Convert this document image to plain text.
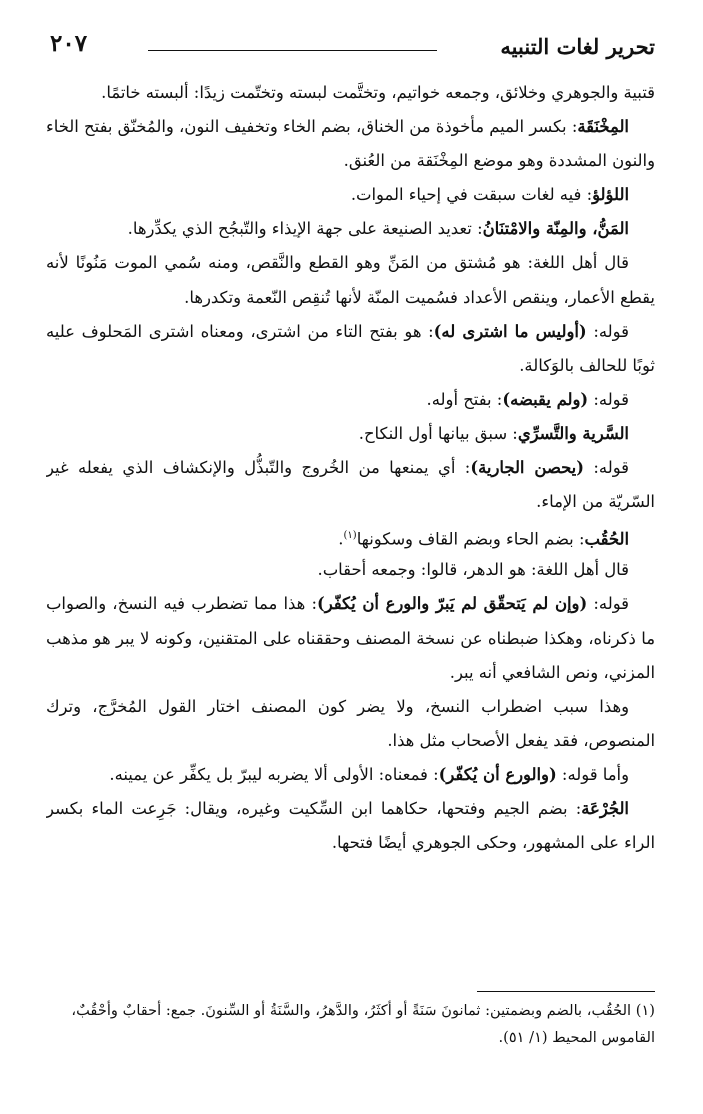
تحرير لغات التنبيه
٢٠٧
قتبية والجوهري وخلائق، وجمعه خواتيم، وتختَّمت لبسته وتختّمت زيدًا: ألبسته خاتمًا.
المِخْنَقَة: بكسر الميم مأخوذة من الخناق، بضم الخاء وتخفيف النون، والمُخنّق بفتح الخاء
والنون المشددة وهو موضع المِخْنَقة من العُنق.
اللؤلؤ: فيه لغات سبقت في إحياء الموات.
المَنُّ، والمِنّة والامْتنَانُ: تعديد الصنيعة على جهة الإيذاء والتّبجُح الذي يكدِّرها.
قال أهل اللغة: هو مُشتق من المَنِّ وهو القطع والنَّقص، ومنه سُمي الموت مَنُونًا لأنه
يقطع الأعمار، وينقص الأعداد فسُميت المنّة لأنها تُنقِص النّعمة وتكدرها.
قوله: (أوليس ما اشترى له): هو بفتح التاء من اشترى، ومعناه اشترى المَحلوف عليه
ثوبًا للحالف بالوَكالة.
قوله: (ولم يقبضه): بفتح أوله.
السَّرية والتَّسرِّي: سبق بيانها أول النكاح.
قوله: (يحصن الجارية): أي يمنعها من الخُروج والتّبذُّل والإنكشاف الذي يفعله غير
السّريّة من الإماء.
الحُقُب: بضم الحاء وبضم القاف وسكونها$^{(١)}$.
قال أهل اللغة: هو الدهر، قالوا: وجمعه أحقاب.
قوله: (وإن لم يَتحقّق لم يَبرّ والورع أن يُكفّر): هذا مما تضطرب فيه النسخ، والصواب
ما ذكرناه، وهكذا ضبطناه عن نسخة المصنف وحققناه على المتقنين، وكونه لا يبر هو مذهب
المزني، ونص الشافعي أنه يبر.
وهذا سبب اضطراب النسخ، ولا يضر كون المصنف اختار القول المُخرَّج، وترك
المنصوص، فقد يفعل الأصحاب مثل هذا.
وأما قوله: (والورع أن يُكفّر): فمعناه: الأولى ألا يضربه ليبرّ بل يكفِّر عن يمينه.
الجُرْعَة: بضم الجيم وفتحها، حكاهما ابن السِّكيت وغيره، ويقال: جَرِعت الماء بكسر
الراء على المشهور، وحكى الجوهري أيضًا فتحها.
(١) الحُقُب، بالضم وبضمتين: ثمانونَ سَنَةً أو أكثَرُ، والدَّهرُ، والسَّنَةُ أو السِّنونَ. جمع: أحقابٌ وأحْقُبٌ،
القاموس المحيط (١/ ٥١).
